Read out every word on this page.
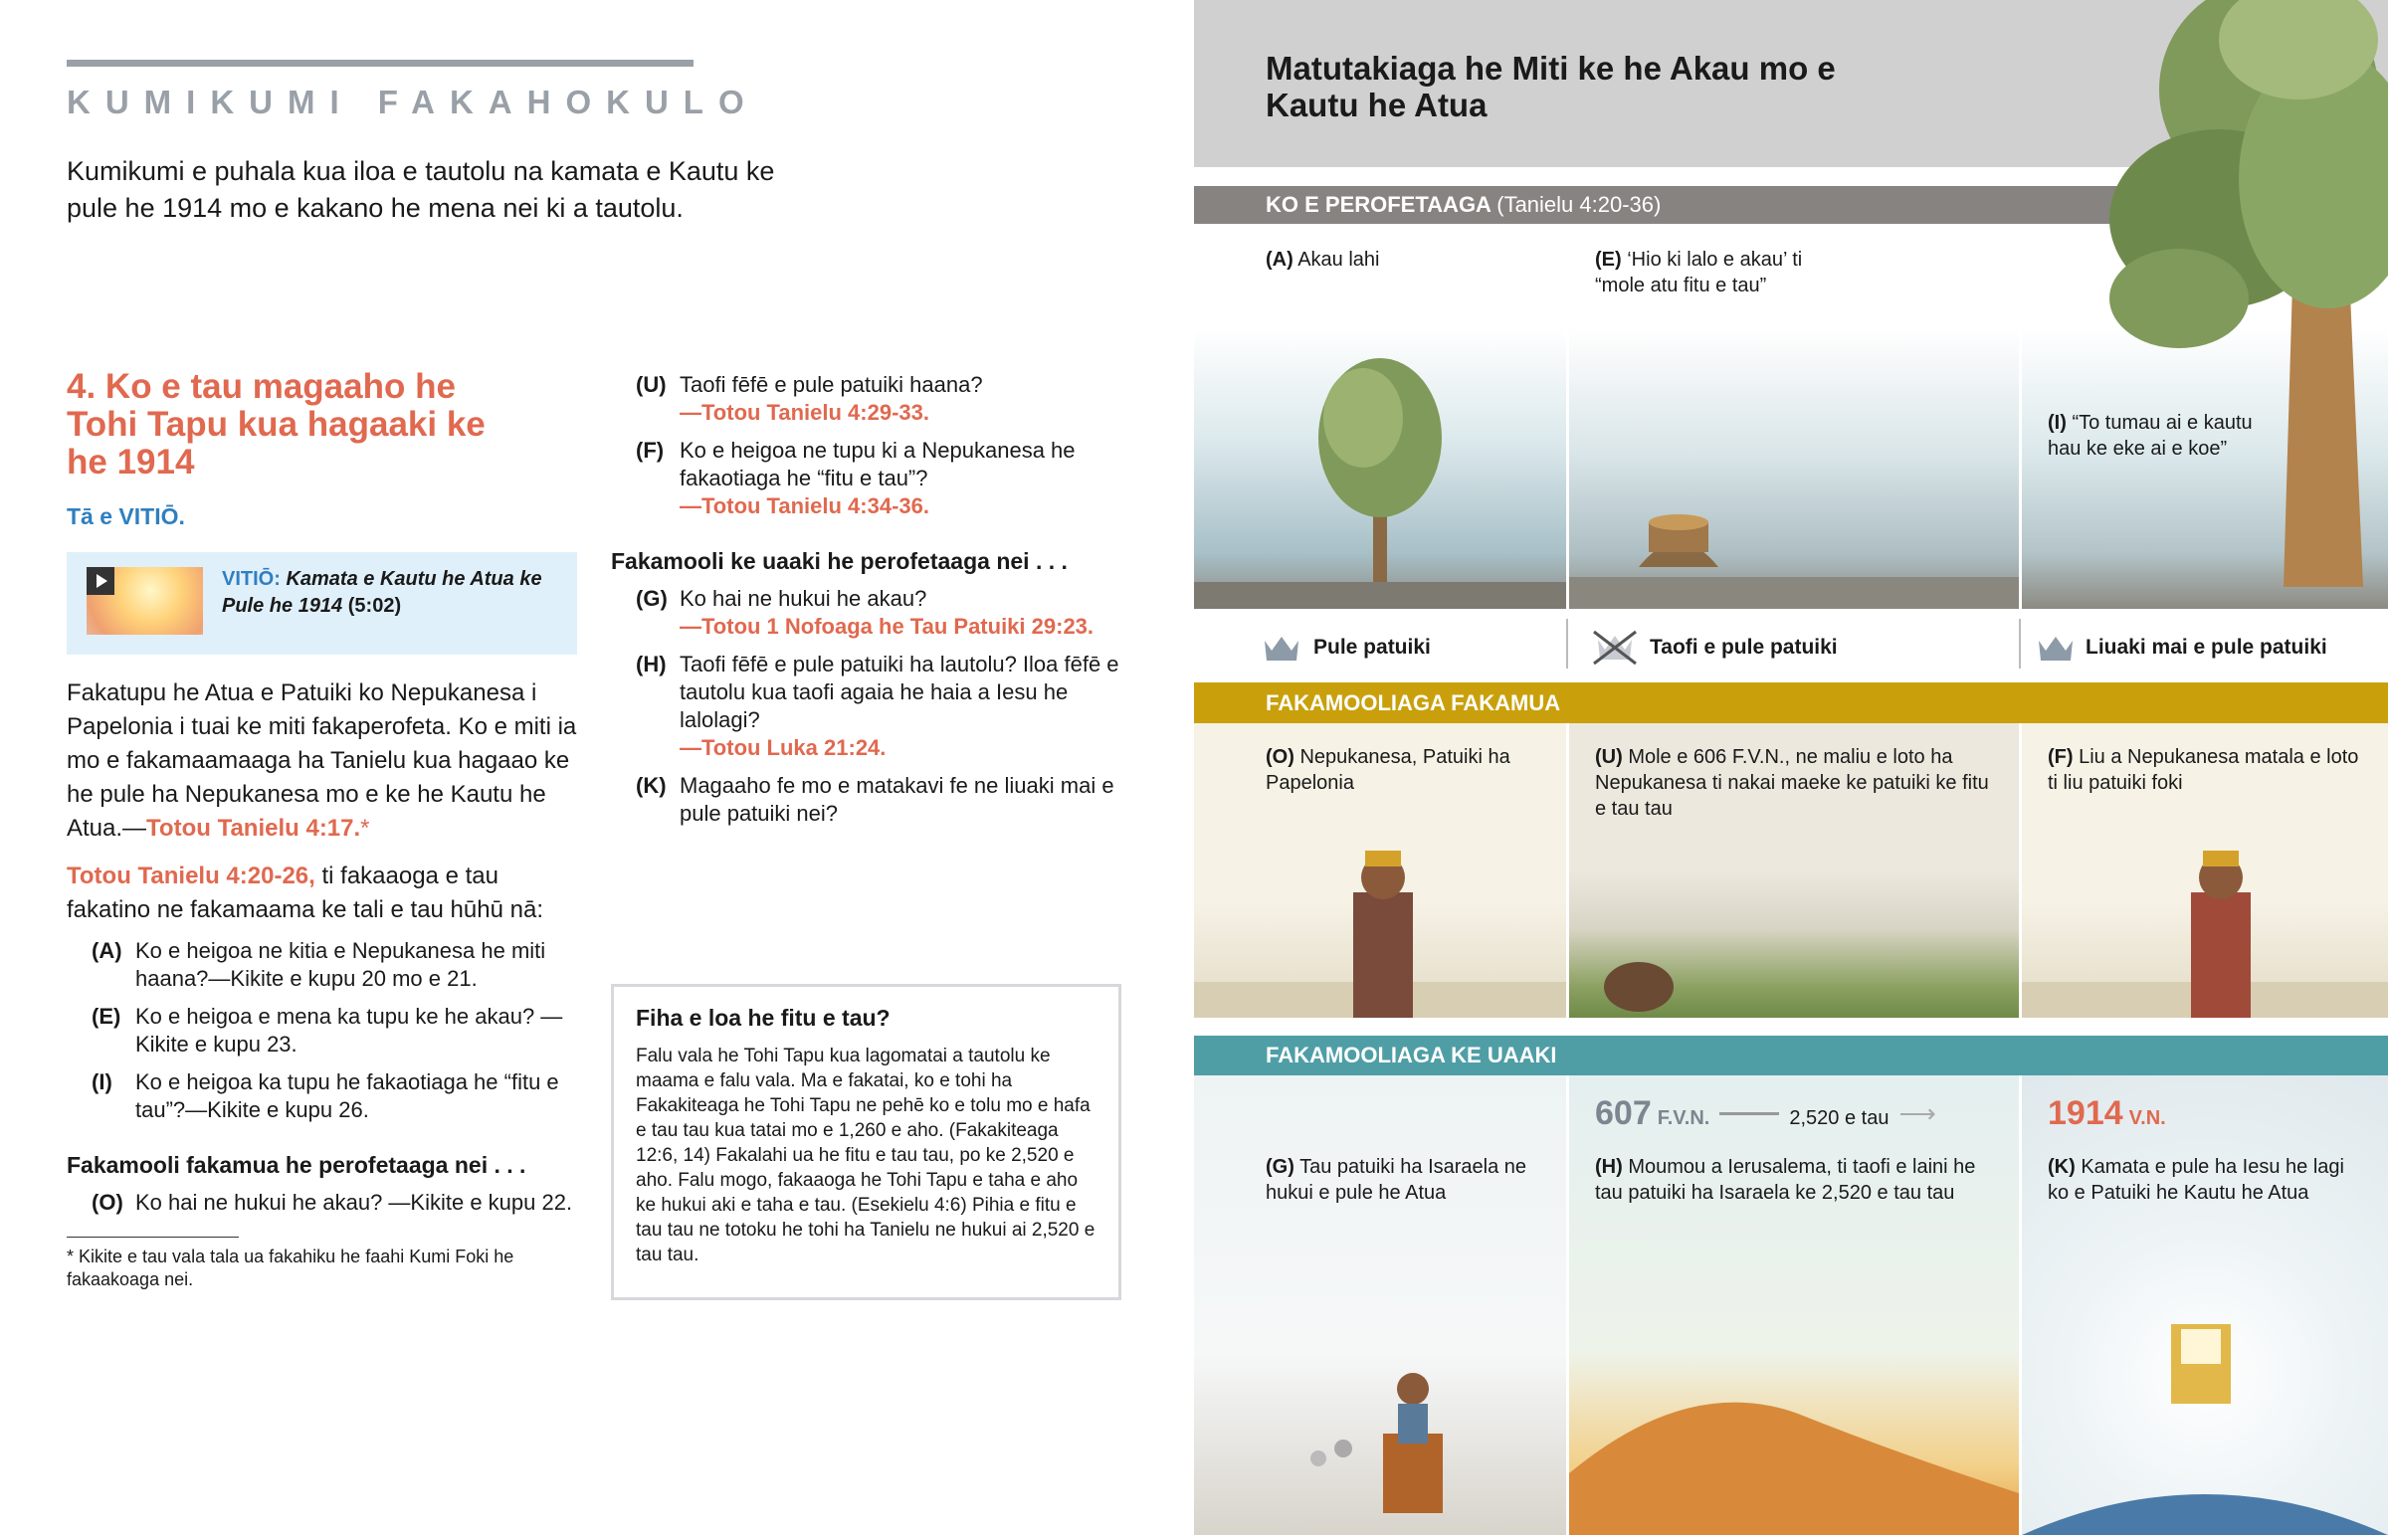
KUMIKUMI FAKAHOKULO
Kumikumi e puhala kua iloa e tautolu na kamata e Kautu ke pule he 1914 mo e kakano he mena nei ki a tautolu.
4. Ko e tau magaaho he Tohi Tapu kua hagaaki ke he 1914
Tā e VITIŌ.
VITIŌ: Kamata e Kautu he Atua ke Pule he 1914 (5:02)
Fakatupu he Atua e Patuiki ko Nepukanesa i Papelonia i tuai ke miti fakaperofeta. Ko e miti ia mo e fakamaamaaga ha Tanielu kua hagaao ke he pule ha Nepukanesa mo e ke he Kautu he Atua.—Totou Tanielu 4:17.*
Totou Tanielu 4:20-26, ti fakaaoga e tau fakatino ne fakamaama ke tali e tau hūhū nā:
(A) Ko e heigoa ne kitia e Nepukanesa he miti haana?—Kikite e kupu 20 mo e 21.
(E) Ko e heigoa e mena ka tupu ke he akau? —Kikite e kupu 23.
(I)	Ko e heigoa ka tupu he fakaotiaga he “fitu e tau”?—Kikite e kupu 26.
Fakamooli fakamua he perofetaaga nei . . .
(O) Ko hai ne hukui he akau? —Kikite e kupu 22.
* Kikite e tau vala tala ua fakahiku he faahi Kumi Foki he fakaakoaga nei.
(U) Taofi fēfē e pule patuiki haana?
—Totou Tanielu 4:29-33.
(F) Ko e heigoa ne tupu ki a Nepukanesa he fakaotiaga he “fitu e tau”?
—Totou Tanielu 4:34-36.
Fakamooli ke uaaki he perofetaaga nei . . .
(G) Ko hai ne hukui he akau?
—Totou 1 Nofoaga he Tau Patuiki 29:23.
(H) Taofi fēfē e pule patuiki ha lautolu? Iloa fēfē e tautolu kua taofi agaia he haia a Iesu he lalolagi?
—Totou Luka 21:24.
(K) Magaaho fe mo e matakavi fe ne liuaki mai e pule patuiki nei?
Fiha e loa he fitu e tau?

Falu vala he Tohi Tapu kua lagomatai a tautolu ke maama e falu vala. Ma e fakatai, ko e tohi ha Fakakiteaga he Tohi Tapu ne pehē ko e tolu mo e hafa e tau tau kua tatai mo e 1,260 e aho. (Fakakiteaga 12:6, 14) Fakalahi ua he fitu e tau tau, po ke 2,520 e aho. Falu mogo, fakaaoga he Tohi Tapu e taha e aho ke hukui aki e taha e tau. (Esekielu 4:6) Pihia e fitu e tau tau ne totoku he tohi ha Tanielu ne hukui ai 2,520 e tau tau.

Matutakiaga he Miti ke he Akau mo e Kautu he Atua
KO E PEROFETAAGA (Tanielu 4:20-36)
(A) Akau lahi	(E) ‘Hio ki lalo e akau’ ti “mole atu fitu e tau”
(I) “To tumau ai e kautu hau ke eke ai e koe”
Pule patuiki	Taofi e pule patuiki	Liuaki mai e pule patuiki
FAKAMOOLIAGA FAKAMUA
(O) Nepukanesa, Patuiki ha Papelonia
(U) Mole e 606 F.V.N., ne maliu e loto ha Nepukanesa ti nakai maeke ke patuiki ke fitu e tau tau
(F) Liu a Nepukanesa matala e loto ti liu patuiki foki
FAKAMOOLIAGA KE UAAKI
607 F.V.N.	2,520 e tau ⟶	1914 V.N.
(G) Tau patuiki ha Isaraela ne hukui e pule he Atua
(H) Moumou a Ierusalema, ti taofi e laini he tau patuiki ha Isaraela ke 2,520 e tau tau
(K) Kamata e pule ha Iesu he lagi ko e Patuiki he Kautu he Atua
